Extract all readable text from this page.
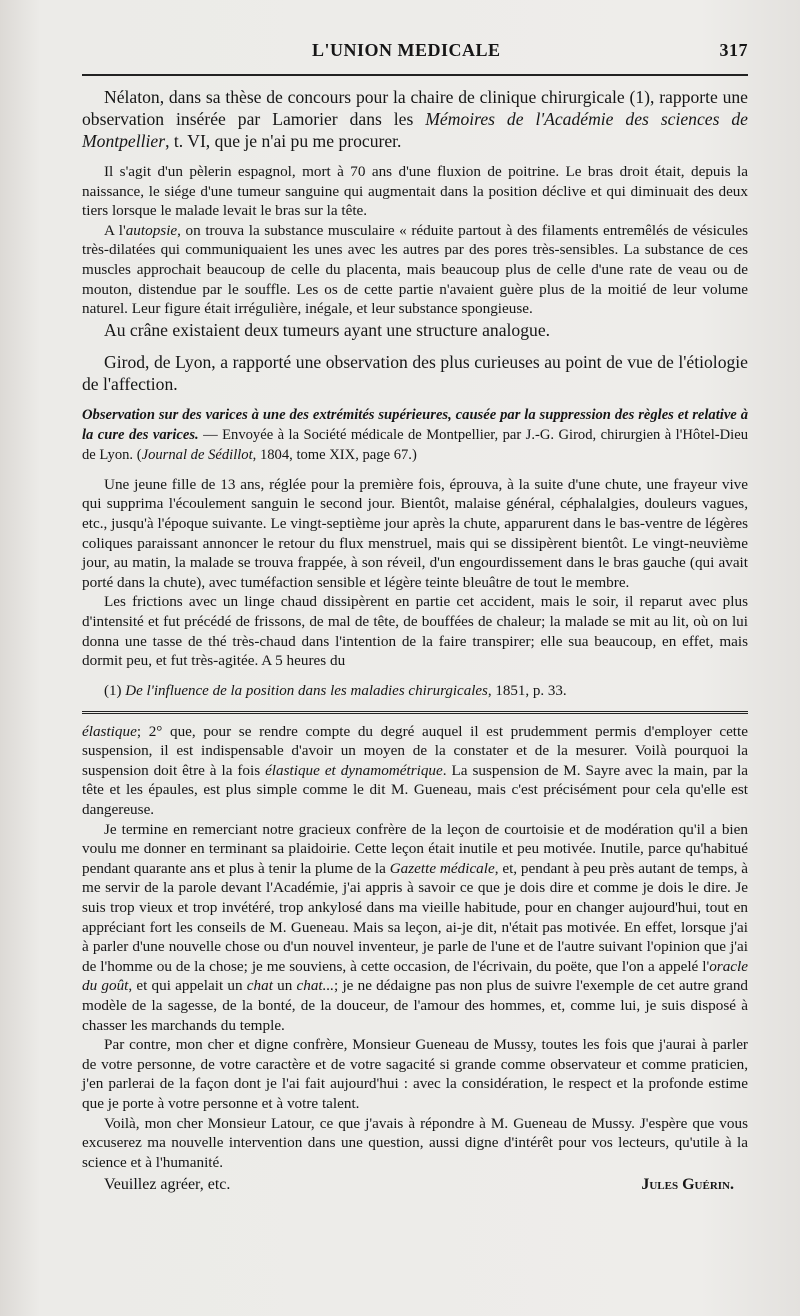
L'UNION MEDICALE	317

Nélaton, dans sa thèse de concours pour la chaire de clinique chirurgicale (1), rapporte une observation insérée par Lamorier dans les Mémoires de l'Académie des sciences de Montpellier, t. VI, que je n'ai pu me procurer.

Il s'agit d'un pèlerin espagnol, mort à 70 ans d'une fluxion de poitrine. Le bras droit était, depuis la naissance, le siége d'une tumeur sanguine qui augmentait dans la position déclive et qui diminuait des deux tiers lorsque le malade levait le bras sur la tête.

A l'autopsie, on trouva la substance musculaire « réduite partout à des filaments entremêlés de vésicules très-dilatées qui communiquaient les unes avec les autres par des pores très-sensibles. La substance de ces muscles approchait beaucoup de celle du placenta, mais beaucoup plus de celle d'une rate de veau ou de mouton, distendue par le souffle. Les os de cette partie n'avaient guère plus de la moitié de leur volume naturel. Leur figure était irrégulière, inégale, et leur substance spongieuse.

Au crâne existaient deux tumeurs ayant une structure analogue.

Girod, de Lyon, a rapporté une observation des plus curieuses au point de vue de l'étiologie de l'affection.

Observation sur des varices à une des extrémités supérieures, causée par la suppression des règles et relative à la cure des varices. — Envoyée à la Société médicale de Montpellier, par J.-G. Girod, chirurgien à l'Hôtel-Dieu de Lyon. (Journal de Sédillot, 1804, tome XIX, page 67.)

Une jeune fille de 13 ans, réglée pour la première fois, éprouva, à la suite d'une chute, une frayeur vive qui supprima l'écoulement sanguin le second jour. Bientôt, malaise général, céphalalgies, douleurs vagues, etc., jusqu'à l'époque suivante. Le vingt-septième jour après la chute, apparurent dans le bas-ventre de légères coliques paraissant annoncer le retour du flux menstruel, mais qui se dissipèrent bientôt. Le vingt-neuvième jour, au matin, la malade se trouva frappée, à son réveil, d'un engourdissement dans le bras gauche (qui avait porté dans la chute), avec tuméfaction sensible et légère teinte bleuâtre de tout le membre.

Les frictions avec un linge chaud dissipèrent en partie cet accident, mais le soir, il reparut avec plus d'intensité et fut précédé de frissons, de mal de tête, de bouffées de chaleur; la malade se mit au lit, où on lui donna une tasse de thé très-chaud dans l'intention de la faire transpirer; elle sua beaucoup, en effet, mais dormit peu, et fut très-agitée. A 5 heures du

(1) De l'influence de la position dans les maladies chirurgicales, 1851, p. 33.

élastique; 2° que, pour se rendre compte du degré auquel il est prudemment permis d'employer cette suspension, il est indispensable d'avoir un moyen de la constater et de la mesurer. Voilà pourquoi la suspension doit être à la fois élastique et dynamométrique. La suspension de M. Sayre avec la main, par la tête et les épaules, est plus simple comme le dit M. Gueneau, mais c'est précisément pour cela qu'elle est dangereuse.

Je termine en remerciant notre gracieux confrère de la leçon de courtoisie et de modération qu'il a bien voulu me donner en terminant sa plaidoirie. Cette leçon était inutile et peu motivée. Inutile, parce qu'habitué pendant quarante ans et plus à tenir la plume de la Gazette médicale, et, pendant à peu près autant de temps, à me servir de la parole devant l'Académie, j'ai appris à savoir ce que je dois dire et comme je dois le dire. Je suis trop vieux et trop invétéré, trop ankylosé dans ma vieille habitude, pour en changer aujourd'hui, tout en appréciant fort les conseils de M. Gueneau. Mais sa leçon, ai-je dit, n'était pas motivée. En effet, lorsque j'ai à parler d'une nouvelle chose ou d'un nouvel inventeur, je parle de l'une et de l'autre suivant l'opinion que j'ai de l'homme ou de la chose; je me souviens, à cette occasion, de l'écrivain, du poëte, que l'on a appelé l'oracle du goût, et qui appelait un chat un chat...; je ne dédaigne pas non plus de suivre l'exemple de cet autre grand modèle de la sagesse, de la bonté, de la douceur, de l'amour des hommes, et, comme lui, je suis disposé à chasser les marchands du temple.

Par contre, mon cher et digne confrère, Monsieur Gueneau de Mussy, toutes les fois que j'aurai à parler de votre personne, de votre caractère et de votre sagacité si grande comme observateur et comme praticien, j'en parlerai de la façon dont je l'ai fait aujourd'hui : avec la considération, le respect et la profonde estime que je porte à votre personne et à votre talent.

Voilà, mon cher Monsieur Latour, ce que j'avais à répondre à M. Gueneau de Mussy. J'espère que vous excuserez ma nouvelle intervention dans une question, aussi digne d'intérêt pour vos lecteurs, qu'utile à la science et à l'humanité.

Veuillez agréer, etc.	Jules Guérin.
